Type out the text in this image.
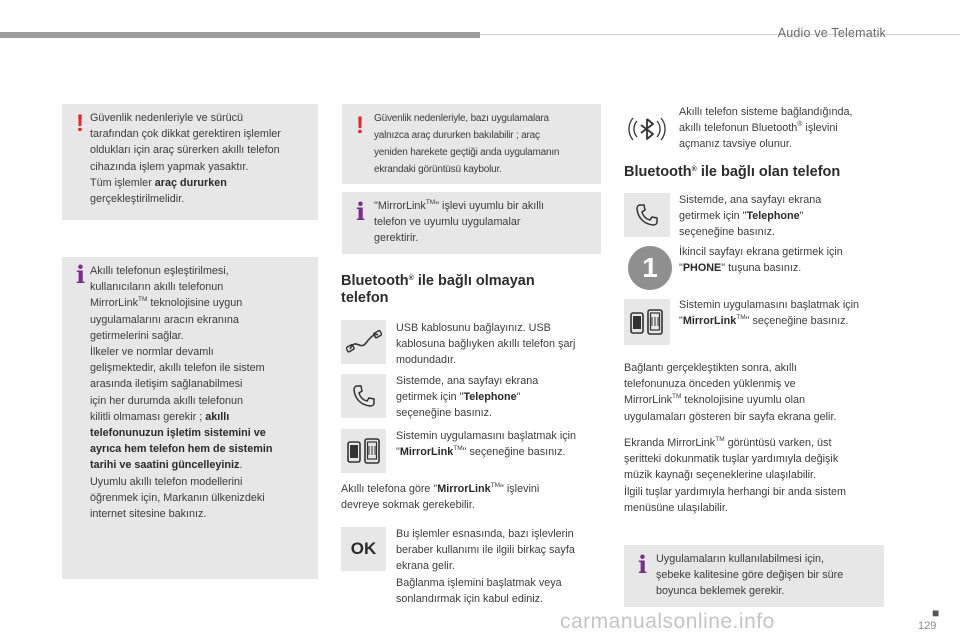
Audio ve Telematik
! Güvenlik nedenleriyle ve sürücü
tarafından çok dikkat gerektiren işlemler
oldukları için araç sürerken akıllı telefon
cihazında işlem yapmak yasaktır.
Tüm işlemler araç dururken
gerçekleştirilmelidir.
i Akıllı telefonun eşleştirilmesi,
kullanıcıların akıllı telefonun
MirrorLink™ teknolojisine uygun
uygulamalarını aracın ekranına
getirmelerini sağlar.
İlkeler ve normlar devamlı
gelişmektedir, akıllı telefon ile sistem
arasında iletişim sağlanabilmesi
için her durumda akıllı telefonun
kilitli olmaması gerekir ; akıllı
telefonunuzun işletim sistemini ve
ayrıca hem telefon hem de sistemin
tarihi ve saatini güncelleyiniz.
Uyumlu akıllı telefon modellerini
öğrenmek için, Markanın ülkenizdeki
internet sitesine bakınız.
! Güvenlik nedenleriyle, bazı uygulamalara
yalnızca araç dururken bakılabilir ; araç
yeniden harekete geçtiği anda uygulamanın
ekrandaki görüntüsü kaybolur.
i "MirrorLink™" işlevi uyumlu bir akıllı
telefon ve uyumlu uygulamalar
gerektirir.
Bluetooth® ile bağlı olmayan
telefon
USB kablosunu bağlayınız. USB
kablosuna bağlıyken akıllı telefon şarj
modundadır.
Sistemde, ana sayfayı ekrana
getirmek için "Telephone"
seçeneğine basınız.
Sistemin uygulamasını başlatmak için
"MirrorLink™" seçeneğine basınız.
Akıllı telefona göre "MirrorLink™" işlevini
devreye sokmak gerekebilir.
OK
Bu işlemler esnasında, bazı işlevlerin
beraber kullanımı ile ilgili birkaç sayfa
ekrana gelir.
Bağlanma işlemini başlatmak veya
sonlandırmak için kabul ediniz.
Akıllı telefon sisteme bağlandığında,
akıllı telefonun Bluetooth® işlevini
açmanız tavsiye olunur.
Bluetooth® ile bağlı olan telefon
Sistemde, ana sayfayı ekrana
getirmek için "Telephone"
seçeneğine basınız.
1	İkincil sayfayı ekrana getirmek için
"PHONE" tuşuna basınız.
Sistemin uygulamasını başlatmak için
"MirrorLink™" seçeneğine basınız.
Bağlantı gerçekleştikten sonra, akıllı
telefonunuza önceden yüklenmiş ve
MirrorLink™ teknolojisine uyumlu olan
uygulamaları gösteren bir sayfa ekrana gelir.
Ekranda MirrorLink™ görüntüsü varken, üst
şeritteki dokunmatik tuşlar yardımıyla değişik
müzik kaynağı seçeneklerine ulaşılabilir.
İlgili tuşlar yardımıyla herhangi bir anda sistem
menüsüne ulaşılabilir.
i Uygulamaların kullanılabilmesi için,
şebeke kalitesine göre değişen bir süre
boyunca beklemek gerekir.
carmanualsonline.info	■
129
